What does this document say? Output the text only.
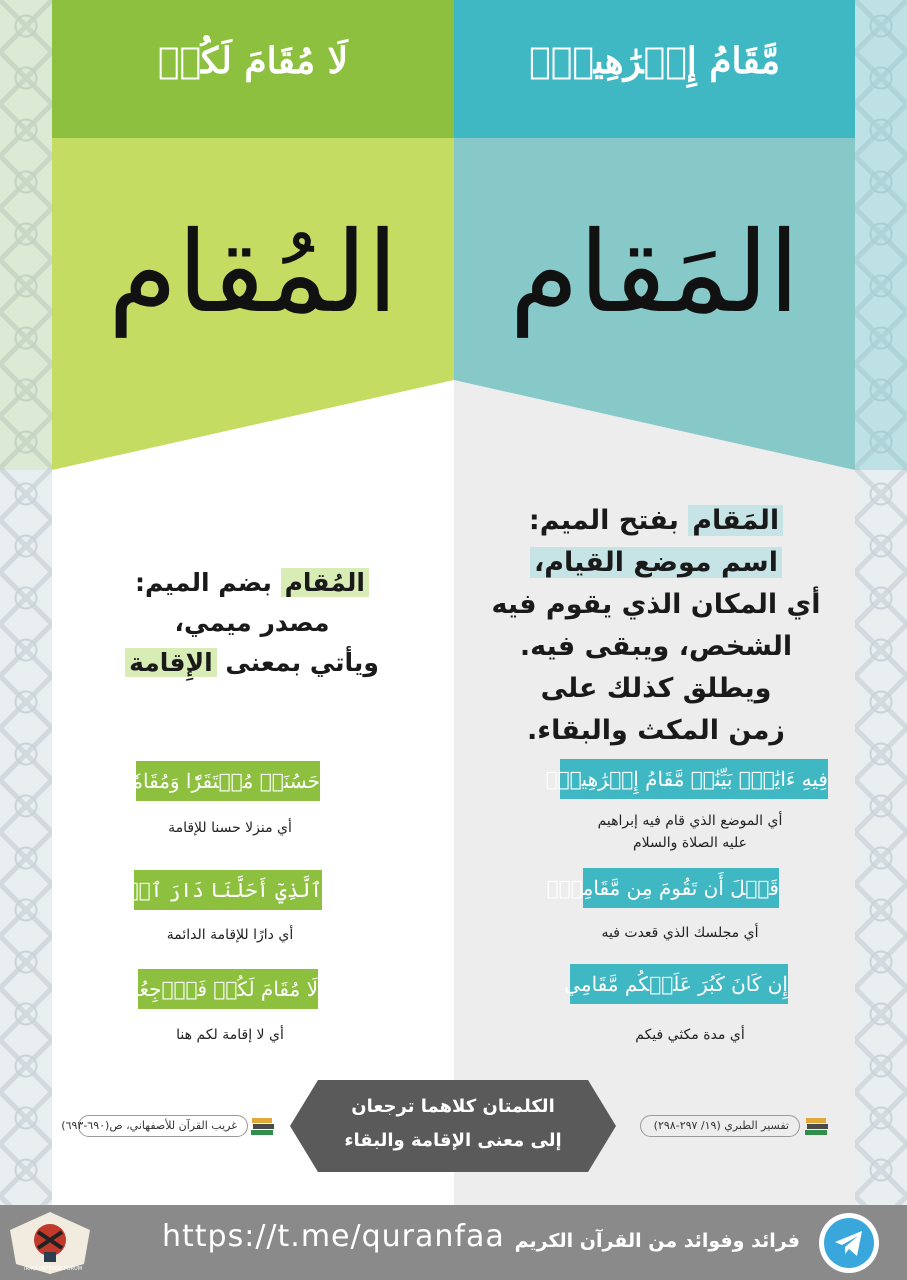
لَا مُقَامَ لَكُمۡ	مَّقَامُ إِبۡرَٰهِيمَۖ
المُقام المَقام
المَقام بفتح الميم:
اسم موضع القيام،
أي المكان الذي يقوم فيه
الشخص، ويبقى فيه.
ويطلق كذلك على
زمن المكث والبقاء.
المُقام بضم الميم:
مصدر ميمي،
ويأتي بمعنى الإِقامة
حَسُنَتۡ مُسۡتَقَرّٗا وَمُقَامٗا
أي منزلا حسنا للإقامة
ٱلَّذِيٓ أَحَلَّنَا دَارَ ٱلۡمُقَامَةِ
أي دارًا للإقامة الدائمة
لَا مُقَامَ لَكُمۡ فَٱرۡجِعُواْۚ
أي لا إقامة لكم هنا
فِيهِ ءَايَٰتُۢ بَيِّنَٰتٞ مَّقَامُ إِبۡرَٰهِيمَۖ
أي الموضع الذي قام فيه إبراهيم
عليه الصلاة والسلام
قَبۡلَ أَن تَقُومَ مِن مَّقَامِكَۖ
أي مجلسك الذي قعدت فيه
إِن كَانَ كَبُرَ عَلَيۡكُم مَّقَامِي
أي مدة مكثي فيكم
غريب القرآن للأصفهاني، ص(٦٩٠-٦٩٣)	تفسير الطبري (١٩/ ٢٩٧-٢٩٨)
الكلمتان كلاهما ترجعان
إلى معنى الإقامة والبقاء
IRAQI DEFENSE FORUM
https://t.me/quranfaa فرائد وفوائد من القرآن الكريم
